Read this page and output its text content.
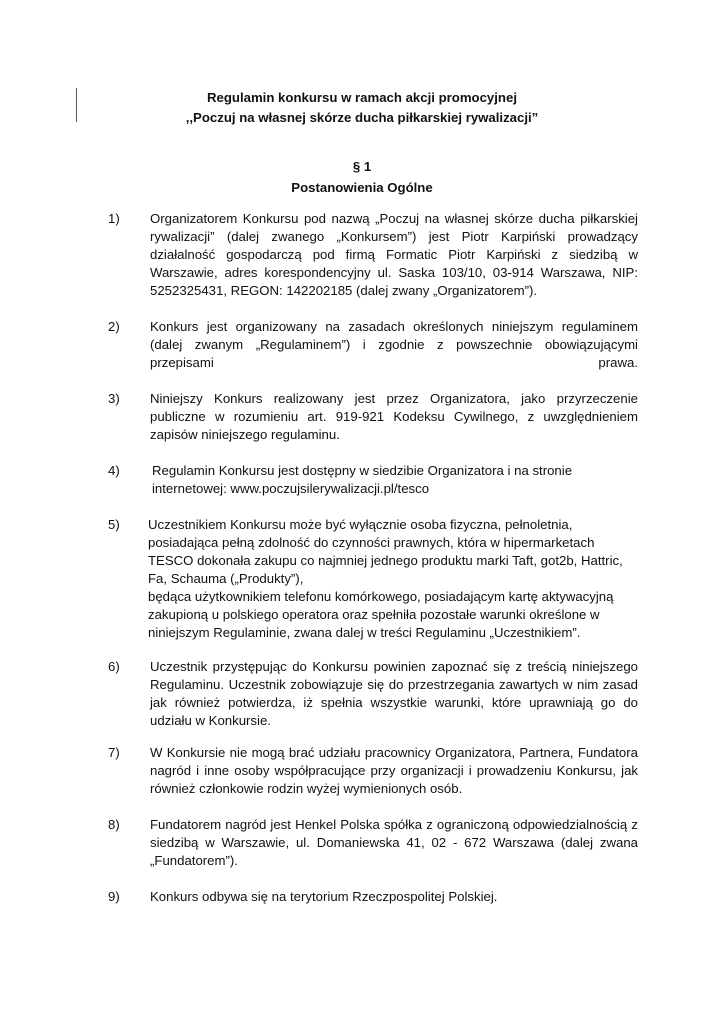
Regulamin konkursu w ramach akcji promocyjnej
,,Poczuj na własnej skórze ducha piłkarskiej rywalizacji”
§ 1
Postanowienia Ogólne
1)	Organizatorem Konkursu pod nazwą „Poczuj na własnej skórze ducha piłkarskiej rywalizacji” (dalej zwanego „Konkursem”) jest Piotr Karpiński prowadzący działalność gospodarczą pod firmą Formatic Piotr Karpiński z siedzibą w Warszawie, adres korespondencyjny ul. Saska 103/10, 03-914 Warszawa, NIP: 5252325431, REGON: 142202185 (dalej zwany „Organizatorem”).
2)	Konkurs jest organizowany na zasadach określonych niniejszym regulaminem (dalej zwanym „Regulaminem”) i zgodnie z powszechnie obowiązującymi
przepisami	prawa.
3)	Niniejszy Konkurs realizowany jest przez Organizatora, jako przyrzeczenie publiczne w rozumieniu art. 919-921 Kodeksu Cywilnego, z uwzględnieniem zapisów niniejszego regulaminu.
4)	Regulamin Konkursu jest dostępny w siedzibie Organizatora i na stronie
internetowej: www.poczujsilerywalizacji.pl/tesco
5)	Uczestnikiem Konkursu może być wyłącznie osoba fizyczna, pełnoletnia,
posiadająca pełną zdolność do czynności prawnych, która w hipermarketach
TESCO dokonała zakupu co najmniej jednego produktu marki Taft, got2b, Hattric,
Fa, Schauma („Produkty”),
będąca użytkownikiem telefonu komórkowego, posiadającym kartę aktywacyjną
zakupioną u polskiego operatora oraz spełniła pozostałe warunki określone w
niniejszym Regulaminie, zwana dalej w treści Regulaminu „Uczestnikiem”.
6)	Uczestnik przystępując do Konkursu powinien zapoznać się z treścią niniejszego Regulaminu. Uczestnik zobowiązuje się do przestrzegania zawartych w nim zasad jak również potwierdza, iż spełnia wszystkie warunki, które uprawniają go do udziału w Konkursie.
7)	W Konkursie nie mogą brać udziału pracownicy Organizatora, Partnera, Fundatora nagród i inne osoby współpracujące przy organizacji i prowadzeniu Konkursu, jak również członkowie rodzin wyżej wymienionych osób.
8)	Fundatorem nagród jest Henkel Polska spółka z ograniczoną odpowiedzialnością z siedzibą w Warszawie, ul. Domaniewska 41, 02 - 672 Warszawa (dalej zwana „Fundatorem”).
9)	Konkurs odbywa się na terytorium Rzeczpospolitej Polskiej.
